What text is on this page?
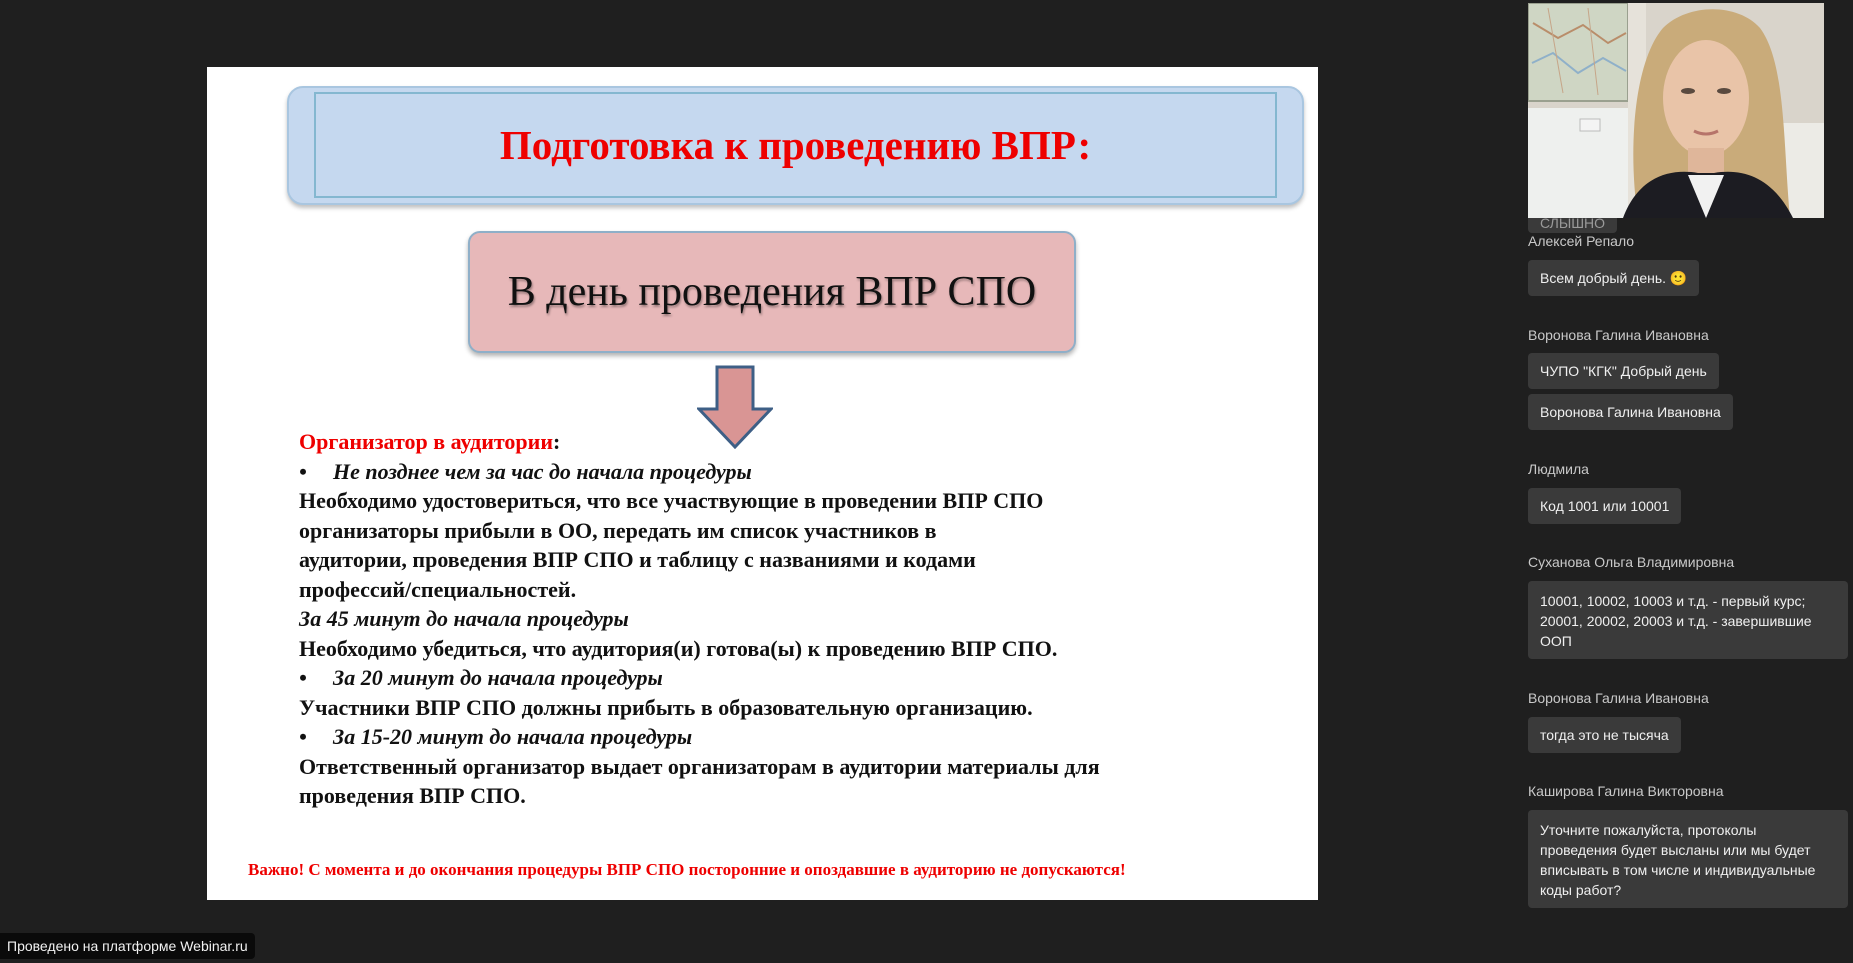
Подготовка к проведению ВПР:
В день проведения ВПР СПО
Организатор в аудитории:
• Не позднее чем за час до начала процедуры
Необходимо удостовериться, что все участвующие в проведении ВПР СПО
организаторы прибыли в ОО, передать им список участников в
аудитории, проведения ВПР СПО и таблицу с названиями и кодами
профессий/специальностей.
За 45 минут до начала процедуры
Необходимо убедиться, что аудитория(и) готова(ы) к проведению ВПР СПО.
• За 20 минут до начала процедуры
Участники ВПР СПО должны прибыть в образовательную организацию.
• За 15-20 минут до начала процедуры
Ответственный организатор выдает организаторам в аудитории материалы для
проведения ВПР СПО.
Важно! С момента и до окончания процедуры ВПР СПО посторонние и опоздавшие в аудиторию не допускаются!
СЛЫШНО
Алексей Репало
Всем добрый день. 🙂
Воронова Галина Ивановна
ЧУПО "КГК" Добрый день
Воронова Галина Ивановна
Людмила
Код 1001 или 10001
Суханова Ольга Владимировна
10001, 10002, 10003 и т.д. - первый курс;
20001, 20002, 20003 и т.д. - завершившие
ООП
Воронова Галина Ивановна
тогда это не тысяча
Каширова Галина Викторовна
Уточните пожалуйста, протоколы
проведения будет высланы или мы будет
вписывать в том числе и индивидуальные
коды работ?
Проведено на платформе Webinar.ru
